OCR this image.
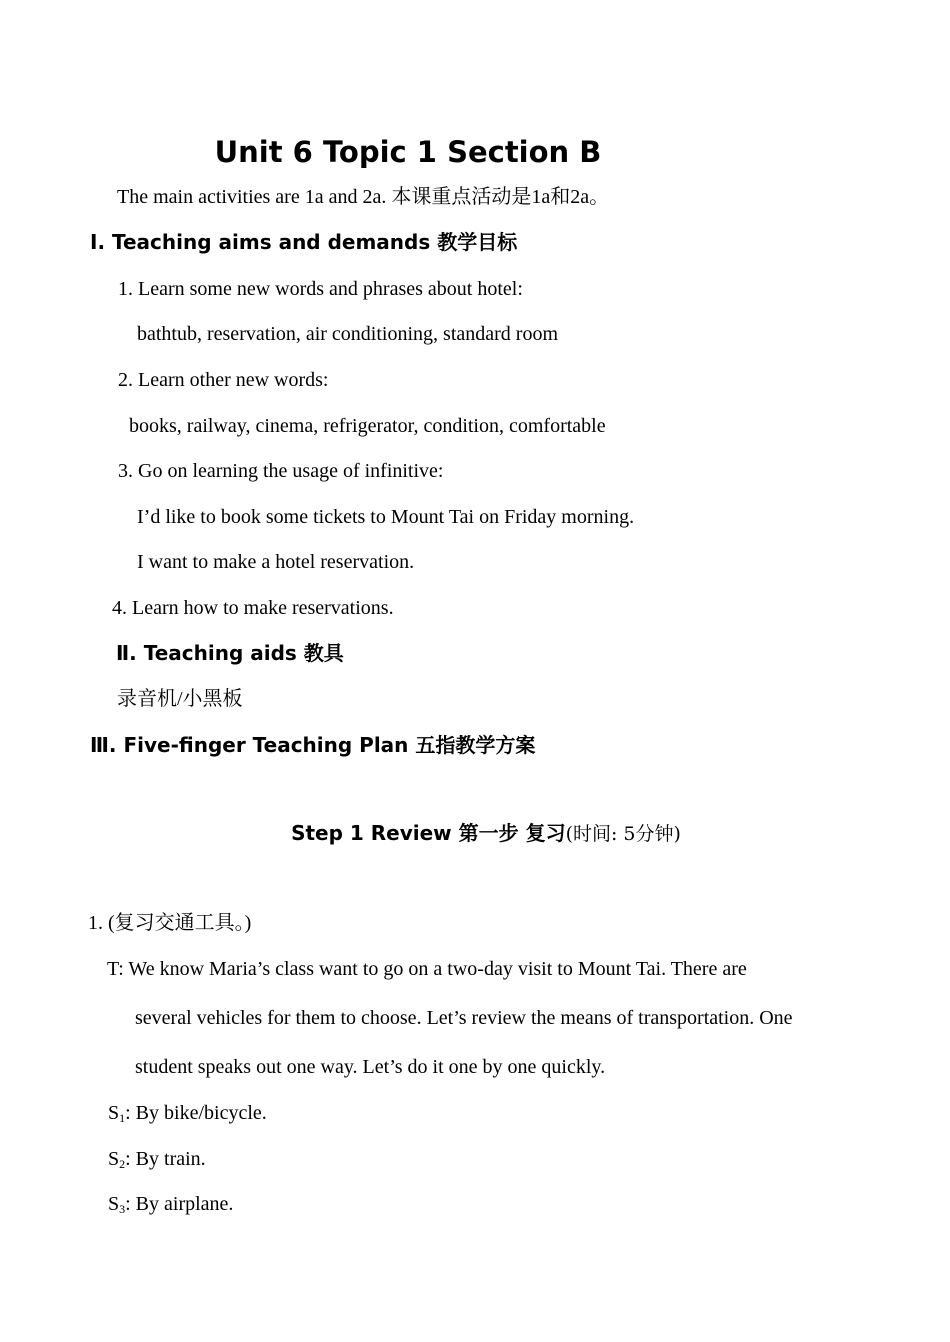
Unit 6 Topic 1 Section B
The main activities are 1a and 2a. 本课重点活动是1a和2a。
Ⅰ. Teaching aims and demands 教学目标
1. Learn some new words and phrases about hotel:
bathtub, reservation, air conditioning, standard room
2. Learn other new words:
books, railway, cinema, refrigerator, condition, comfortable
3. Go on learning the usage of infinitive:
I’d like to book some tickets to Mount Tai on Friday morning.
I want to make a hotel reservation.
4. Learn how to make reservations.
Ⅱ. Teaching aids 教具
录音机/小黑板
Ⅲ. Five-finger Teaching Plan 五指教学方案
Step 1 Review 第一步 复习(时间: 5分钟)
1. (复习交通工具。)
T: We know Maria’s class want to go on a two-day visit to Mount Tai. There are
several vehicles for them to choose. Let’s review the means of transportation. One
student speaks out one way. Let’s do it one by one quickly.
$S_1$: By bike/bicycle.
$S_2$: By train.
$S_3$: By airplane.
